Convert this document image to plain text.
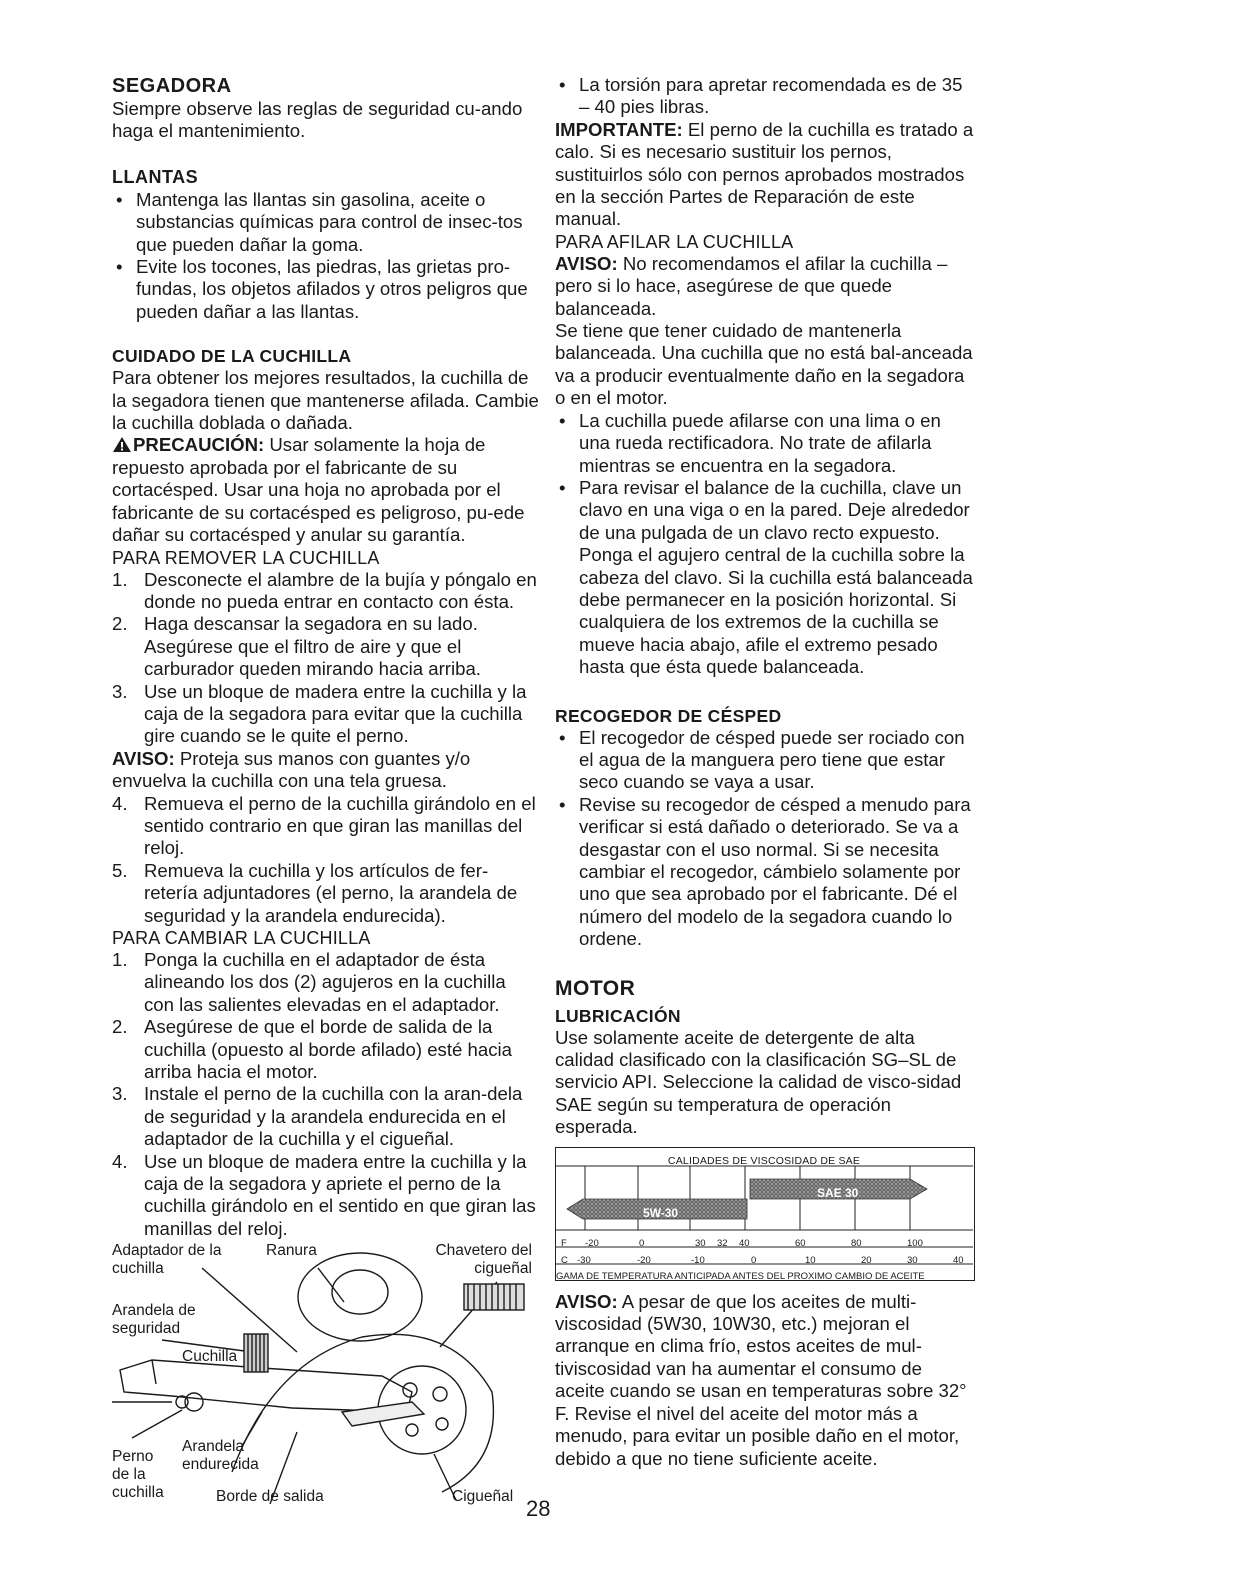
SEGADORA

Siempre observe las reglas de seguridad cu-ando haga el mantenimiento.

LLANTAS

• Mantenga las llantas sin gasolina, aceite o substancias químicas para control de insec-tos que pueden dañar la goma.
• Evite los tocones, las piedras, las grietas pro-fundas, los objetos afilados y otros peligros que pueden dañar a las llantas.

CUIDADO DE LA CUCHILLA

Para obtener los mejores resultados, la cuchilla de la segadora tienen que mantenerse afilada. Cambie la cuchilla doblada o dañada.

PRECAUCIÓN: Usar solamente la hoja de repuesto aprobada por el fabricante de su cortacésped. Usar una hoja no aprobada por el fabricante de su cortacésped es peligroso, pu-ede dañar su cortacésped y anular su garantía.

PARA REMOVER LA CUCHILLA

1. Desconecte el alambre de la bujía y póngalo en donde no pueda entrar en contacto con ésta.
2. Haga descansar la segadora en su lado. Asegúrese que el filtro de aire y que el carburador queden mirando hacia arriba.
3. Use un bloque de madera entre la cuchilla y la caja de la segadora para evitar que la cuchilla gire cuando se le quite el perno.

AVISO: Proteja sus manos con guantes y/o envuelva la cuchilla con una tela gruesa.

4. Remueva el perno de la cuchilla girándolo en el sentido contrario en que giran las manillas del reloj.
5. Remueva la cuchilla y los artículos de fer-retería adjuntadores (el perno, la arandela de seguridad y la arandela endurecida).

PARA CAMBIAR LA CUCHILLA

1. Ponga la cuchilla en el adaptador de ésta alineando los dos (2) agujeros en la cuchilla con las salientes elevadas en el adaptador.
2. Asegúrese de que el borde de salida de la cuchilla (opuesto al borde afilado) esté hacia arriba hacia el motor.
3. Instale el perno de la cuchilla con la aran-dela de seguridad y la arandela endurecida en el adaptador de la cuchilla y el cigueñal.
4. Use un bloque de madera entre la cuchilla y la caja de la segadora y apriete el perno de la cuchilla girándolo en el sentido en que giran las manillas del reloj.
Adaptador de la cuchilla
Ranura	Chavetero del cigueñal
Arandela de seguridad
Cuchilla
Perno de la cuchilla
Arandela endurecida
Borde de salida	Cigueñal
• La torsión para apretar recomendada es de 35 – 40 pies libras.

IMPORTANTE: El perno de la cuchilla es tratado a calo. Si es necesario sustituir los pernos, sustituirlos sólo con pernos aprobados mostrados en la sección Partes de Reparación de este manual.

PARA AFILAR LA CUCHILLA

AVISO: No recomendamos el afilar la cuchilla – pero si lo hace, asegúrese de que quede balanceada.

Se tiene que tener cuidado de mantenerla balanceada. Una cuchilla que no está bal-anceada va a producir eventualmente daño en la segadora o en el motor.

• La cuchilla puede afilarse con una lima o en una rueda rectificadora. No trate de afilarla mientras se encuentra en la segadora.
• Para revisar el balance de la cuchilla, clave un clavo en una viga o en la pared. Deje alrededor de una pulgada de un clavo recto expuesto. Ponga el agujero central de la cuchilla sobre la cabeza del clavo. Si la cuchilla está balanceada debe permanecer en la posición horizontal. Si cualquiera de los extremos de la cuchilla se mueve hacia abajo, afile el extremo pesado hasta que ésta quede balanceada.

RECOGEDOR DE CÉSPED

• El recogedor de césped puede ser rociado con el agua de la manguera pero tiene que estar seco cuando se vaya a usar.
• Revise su recogedor de césped a menudo para verificar si está dañado o deteriorado. Se va a desgastar con el uso normal. Si se necesita cambiar el recogedor, cámbielo solamente por uno que sea aprobado por el fabricante. Dé el número del modelo de la segadora cuando lo ordene.

MOTOR

LUBRICACIÓN

Use solamente aceite de detergente de alta calidad clasificado con la clasificación SG–SL de servicio API. Seleccione la calidad de visco-sidad SAE según su temperatura de operación esperada.

CALIDADES DE VISCOSIDAD DE SAE
5W-30
SAE 30
F -20	0	30 32 40	60	80	100
C -30	-20	-10	0	10	20	30	40
GAMA DE TEMPERATURA ANTICIPADA ANTES DEL PROXIMO CAMBIO DE ACEITE

AVISO: A pesar de que los aceites de multi-viscosidad (5W30, 10W30, etc.) mejoran el arranque en clima frío, estos aceites de mul-tiviscosidad van ha aumentar el consumo de aceite cuando se usan en temperaturas sobre 32° F. Revise el nivel del aceite del motor más a menudo, para evitar un posible daño en el motor, debido a que no tiene suficiente aceite.

28
